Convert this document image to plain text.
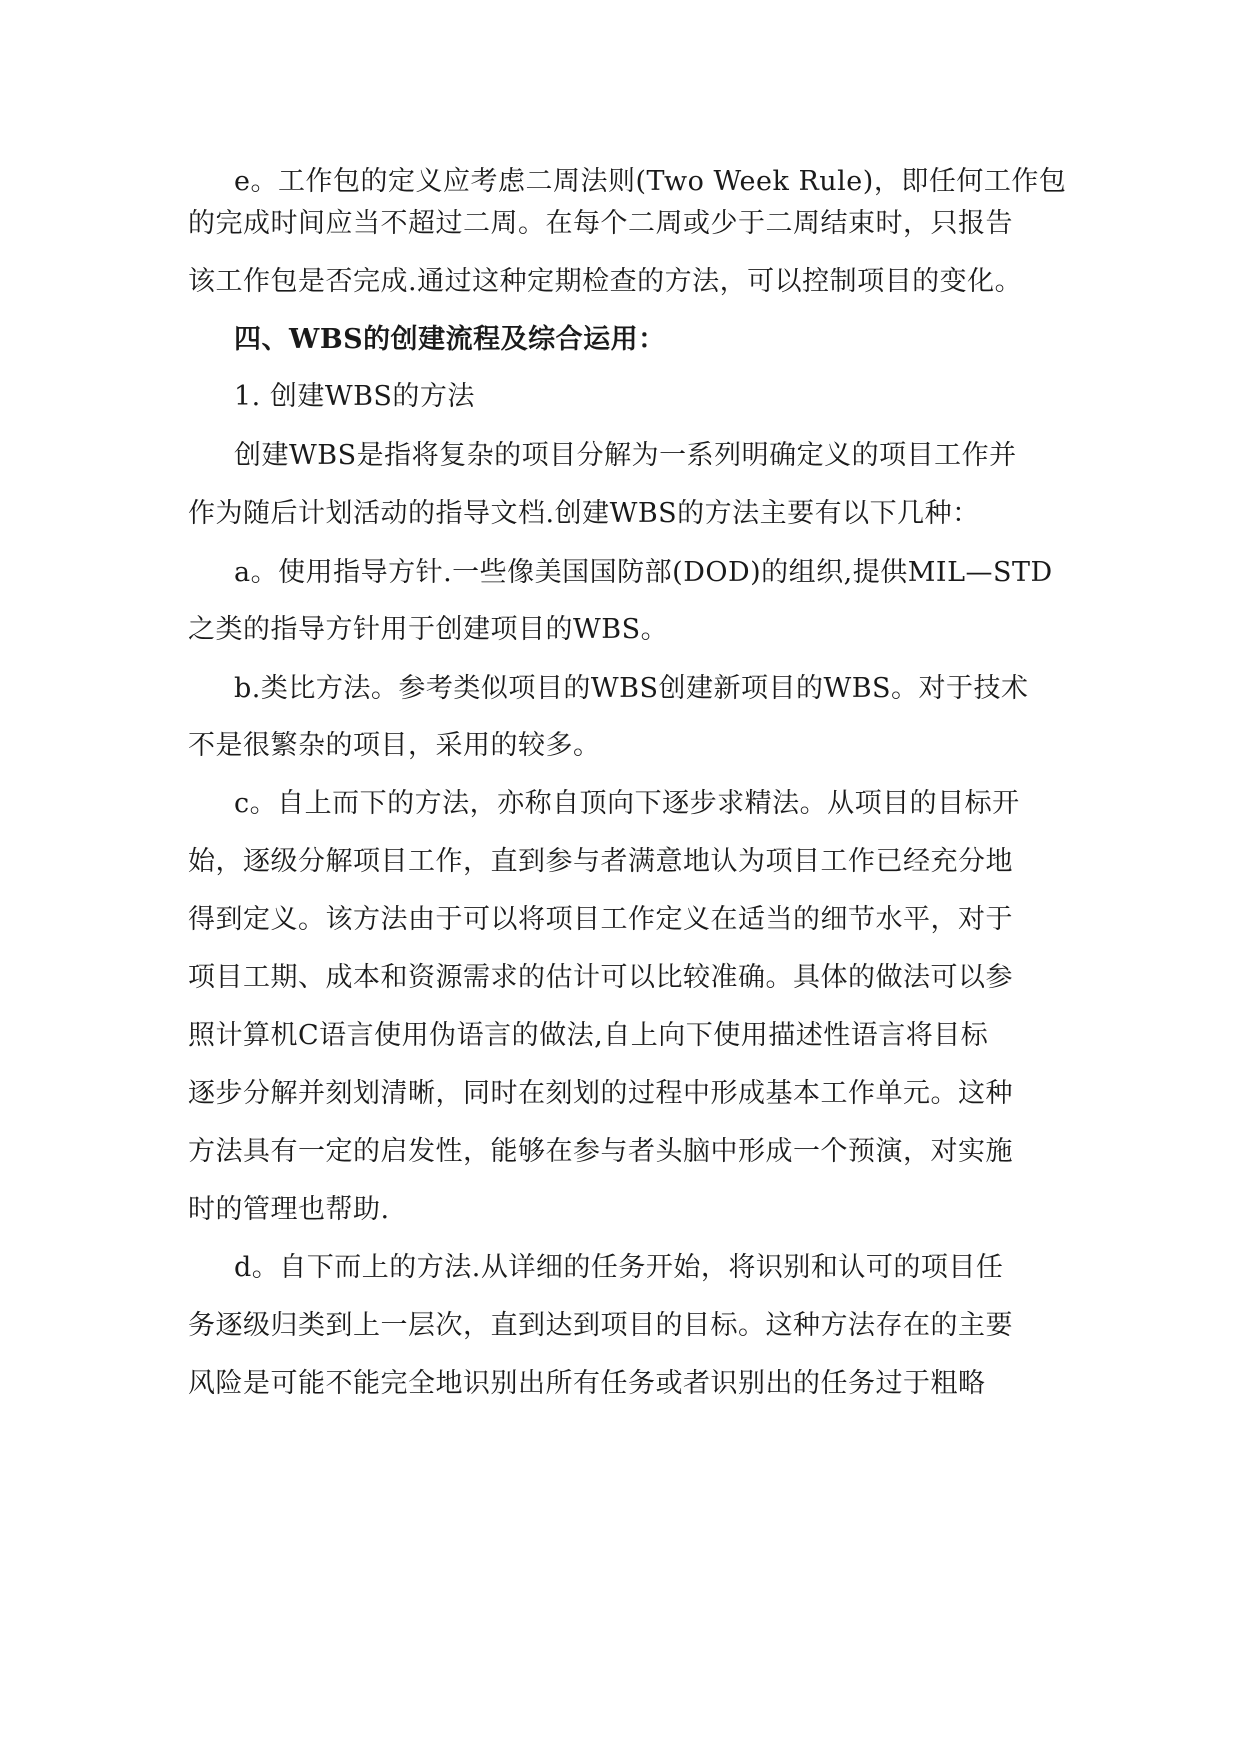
e。工作包的定义应考虑二周法则(Two Week Rule)，即任何工作包
的完成时间应当不超过二周。在每个二周或少于二周结束时，只报告
该工作包是否完成.通过这种定期检查的方法，可以控制项目的变化。
四、WBS的创建流程及综合运用：
1. 创建WBS的方法
创建WBS是指将复杂的项目分解为一系列明确定义的项目工作并
作为随后计划活动的指导文档.创建WBS的方法主要有以下几种：
a。使用指导方针.一些像美国国防部(DOD)的组织,提供MIL—STD
之类的指导方针用于创建项目的WBS。
b.类比方法。参考类似项目的WBS创建新项目的WBS。对于技术
不是很繁杂的项目，采用的较多。
c。自上而下的方法，亦称自顶向下逐步求精法。从项目的目标开
始，逐级分解项目工作，直到参与者满意地认为项目工作已经充分地
得到定义。该方法由于可以将项目工作定义在适当的细节水平，对于
项目工期、成本和资源需求的估计可以比较准确。具体的做法可以参
照计算机C语言使用伪语言的做法,自上向下使用描述性语言将目标
逐步分解并刻划清晰，同时在刻划的过程中形成基本工作单元。这种
方法具有一定的启发性，能够在参与者头脑中形成一个预演，对实施
时的管理也帮助.
d。自下而上的方法.从详细的任务开始，将识别和认可的项目任
务逐级归类到上一层次，直到达到项目的目标。这种方法存在的主要
风险是可能不能完全地识别出所有任务或者识别出的任务过于粗略
